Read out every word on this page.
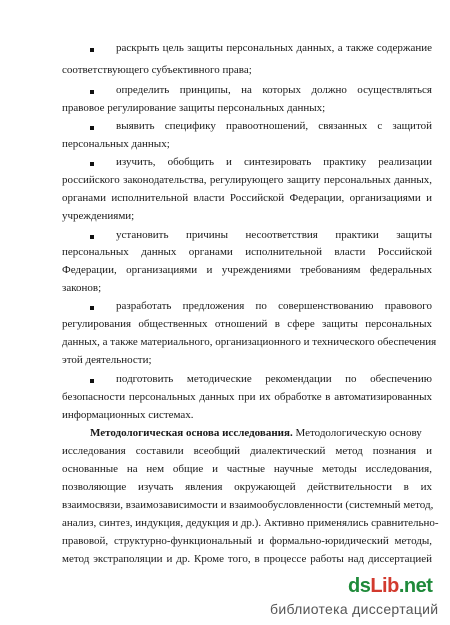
раскрыть цель защиты персональных данных, а также содержание
соответствующего субъективного права;
определить принципы, на которых должно осуществляться
правовое регулирование защиты персональных данных;
выявить специфику правоотношений, связанных с защитой
персональных данных;
изучить, обобщить и синтезировать практику реализации
российского законодательства, регулирующего защиту персональных данных,
органами исполнительной власти Российской Федерации, организациями и
учреждениями;
установить причины несоответствия практики защиты
персональных данных органами исполнительной власти Российской
Федерации, организациями и учреждениями требованиям федеральных
законов;
разработать предложения по совершенствованию правового
регулирования общественных отношений в сфере защиты персональных
данных, а также материального, организационного и технического обеспечения
этой деятельности;
подготовить методические рекомендации по обеспечению
безопасности персональных данных при их обработке в автоматизированных
информационных системах.
Методологическая основа исследования. Методологическую основу
исследования составили всеобщий диалектический метод познания и
основанные на нем общие и частные научные методы исследования,
позволяющие изучать явления окружающей действительности в их
взаимосвязи, взаимозависимости и взаимообусловленности (системный метод,
анализ, синтез, индукция, дедукция и др.). Активно применялись сравнительно-
правовой, структурно-функциональный и формально-юридический методы,
метод экстраполяции и др. Кроме того, в процессе работы над диссертацией
dsLib.net
библиотека диссертаций
